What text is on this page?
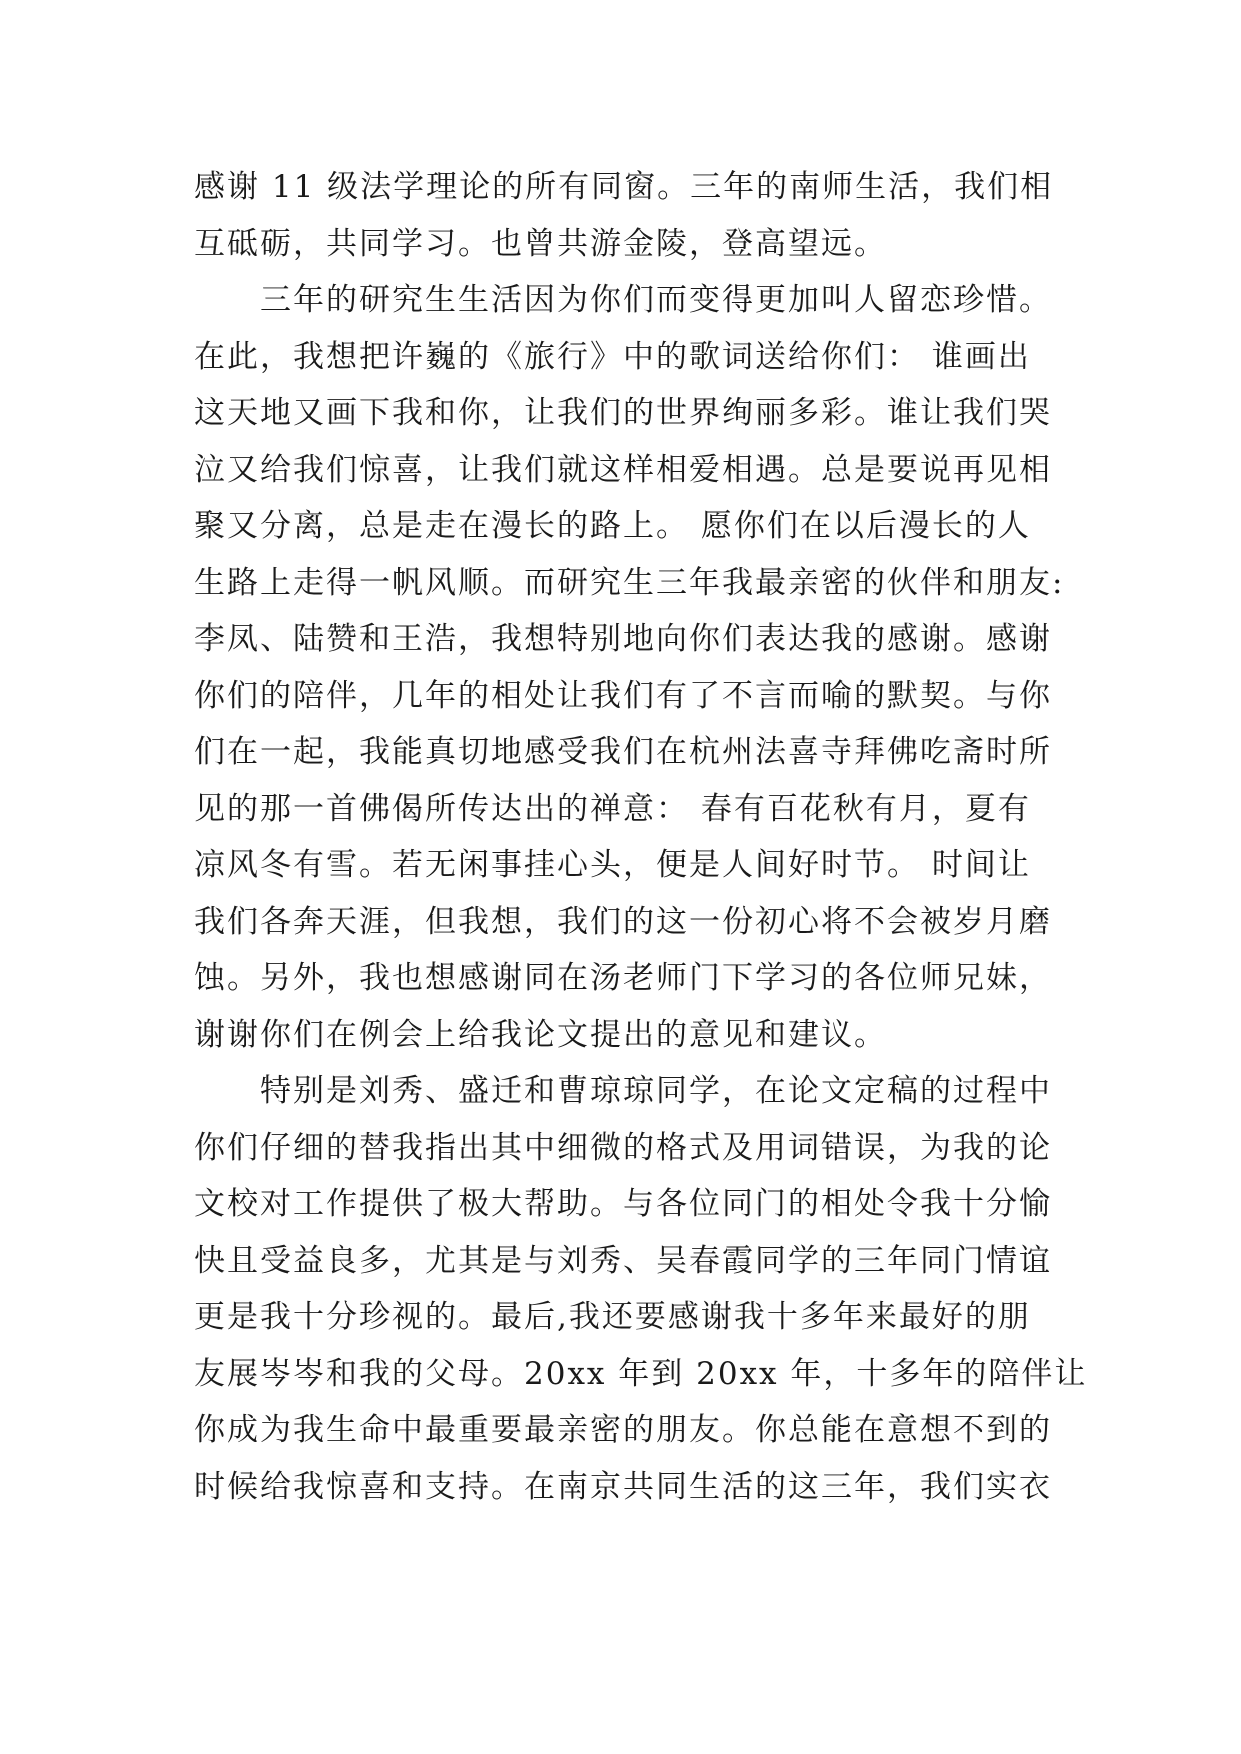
感谢 11 级法学理论的所有同窗。三年的南师生活，我们相
互砥砺，共同学习。也曾共游金陵，登高望远。
　　三年的研究生生活因为你们而变得更加叫人留恋珍惜。
在此，我想把许巍的《旅行》中的歌词送给你们： 谁画出
这天地又画下我和你，让我们的世界绚丽多彩。谁让我们哭
泣又给我们惊喜，让我们就这样相爱相遇。总是要说再见相
聚又分离，总是走在漫长的路上。 愿你们在以后漫长的人
生路上走得一帆风顺。而研究生三年我最亲密的伙伴和朋友:
李凤、陆赞和王浩，我想特别地向你们表达我的感谢。感谢
你们的陪伴，几年的相处让我们有了不言而喻的默契。与你
们在一起，我能真切地感受我们在杭州法喜寺拜佛吃斋时所
见的那一首佛偈所传达出的禅意： 春有百花秋有月，夏有
凉风冬有雪。若无闲事挂心头，便是人间好时节。 时间让
我们各奔天涯，但我想，我们的这一份初心将不会被岁月磨
蚀。另外，我也想感谢同在汤老师门下学习的各位师兄妹，
谢谢你们在例会上给我论文提出的意见和建议。
　　特别是刘秀、盛迁和曹琼琼同学，在论文定稿的过程中
你们仔细的替我指出其中细微的格式及用词错误，为我的论
文校对工作提供了极大帮助。与各位同门的相处令我十分愉
快且受益良多，尤其是与刘秀、吴春霞同学的三年同门情谊
更是我十分珍视的。最后,我还要感谢我十多年来最好的朋
友展岑岑和我的父母。20xx 年到 20xx 年，十多年的陪伴让
你成为我生命中最重要最亲密的朋友。你总能在意想不到的
时候给我惊喜和支持。在南京共同生活的这三年，我们实衣
